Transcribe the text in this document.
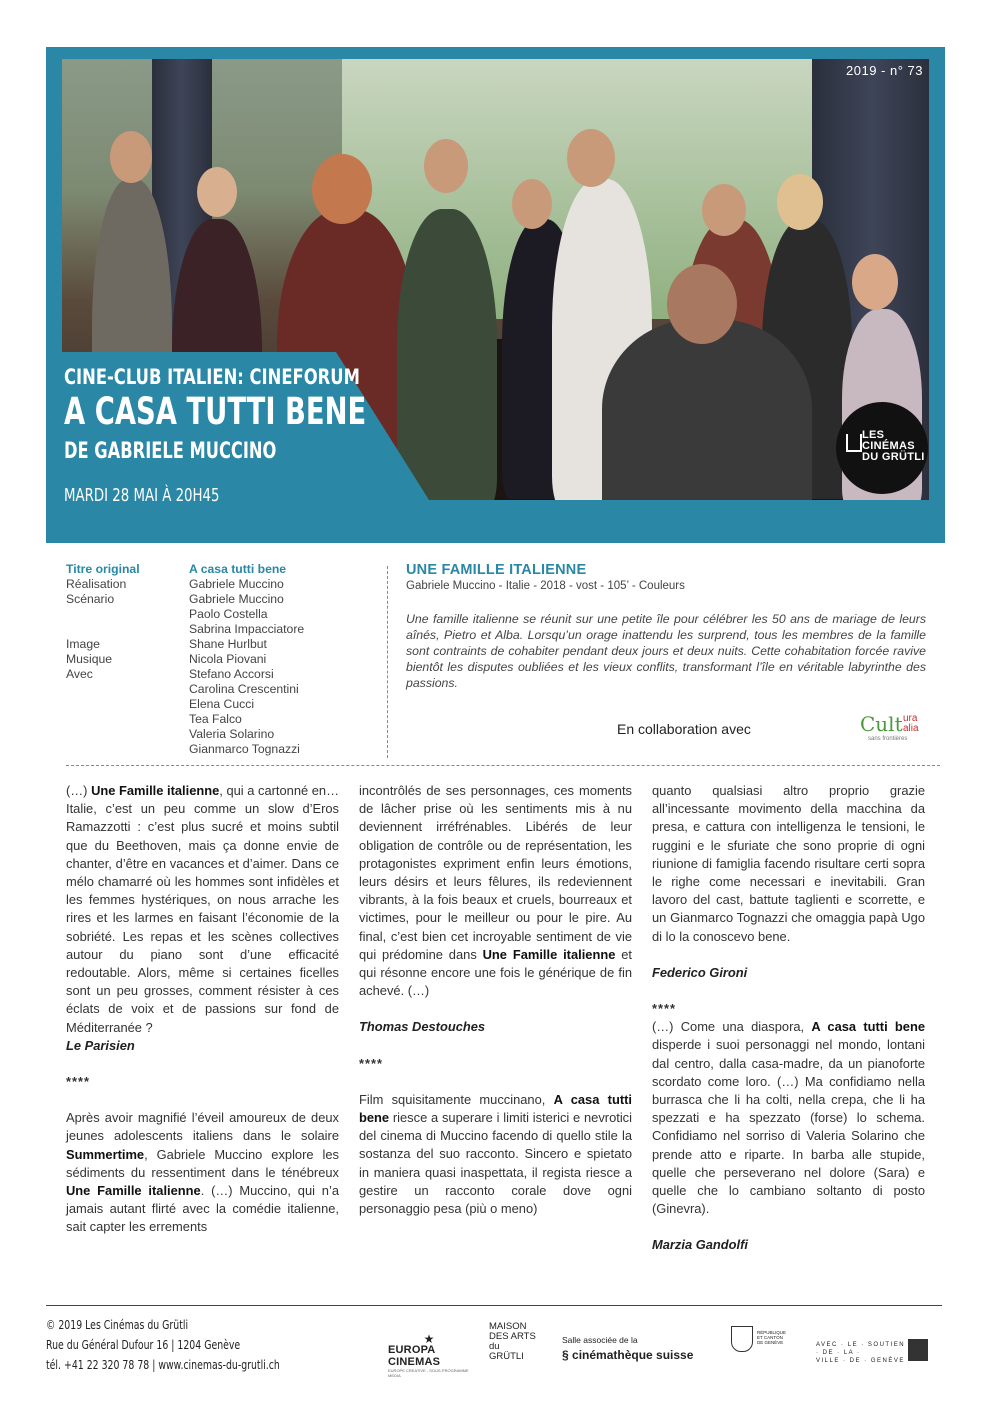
2019 - n° 73
CINE-CLUB ITALIEN: CINEFORUM
A CASA TUTTI BENE
DE GABRIELE MUCCINO
MARDI 28 MAI À 20H45
LES
CINÉMAS
DU GRÜTLI
Titre original	A casa tutti bene
Réalisation	Gabriele Muccino
Scénario	Gabriele Muccino
Paolo Costella
Sabrina Impacciatore
Image	Shane Hurlbut
Musique	Nicola Piovani
Avec	Stefano Accorsi
Carolina Crescentini
Elena Cucci
Tea Falco
Valeria Solarino
Gianmarco Tognazzi
UNE FAMILLE ITALIENNE
Gabriele Muccino - Italie - 2018 - vost - 105’ - Couleurs
Une famille italienne se réunit sur une petite île pour célébrer les 50 ans de mariage de leurs aînés, Pietro et Alba. Lorsqu’un orage inattendu les surprend, tous les membres de la famille sont contraints de cohabiter pendant deux jours et deux nuits. Cette cohabitation forcée ravive bientôt les disputes oubliées et les vieux conflits, transformant l’île en véritable labyrinthe des passions.
En collaboration avec	Cult ura
alia
sans frontières

(…) Une Famille italienne, qui a cartonné en… Italie, c’est un peu comme un slow d’Eros Ramazzotti : c’est plus sucré et moins subtil que du Beethoven, mais ça donne envie de chanter, d’être en vacances et d’aimer. Dans ce mélo chamarré où les hommes sont infidèles et les femmes hystériques, on nous arrache les rires et les larmes en faisant l’économie de la sobriété. Les repas et les scènes collectives autour du piano sont d’une efficacité redoutable. Alors, même si certaines ficelles sont un peu grosses, comment résister à ces éclats de voix et de passions sur fond de Méditerranée ?

Le Parisien

****

Après avoir magnifié l’éveil amoureux de deux jeunes adolescents italiens dans le solaire Summertime, Gabriele Muccino explore les sédiments du ressentiment dans le ténébreux Une Famille italienne. (…) Muccino, qui n’a jamais autant flirté avec la comédie italienne, sait capter les errements

incontrôlés de ses personnages, ces moments de lâcher prise où les sentiments mis à nu deviennent irréfrénables. Libérés de leur obligation de contrôle ou de représentation, les protagonistes expriment enfin leurs émotions, leurs désirs et leurs fêlures, ils redeviennent vibrants, à la fois beaux et cruels, bourreaux et victimes, pour le meilleur ou pour le pire. Au final, c’est bien cet incroyable sentiment de vie qui prédomine dans Une Famille italienne et qui résonne encore une fois le générique de fin achevé. (…)

Thomas Destouches

****

Film squisitamente muccinano, A casa tutti bene riesce a superare i limiti isterici e nevrotici del cinema di Muccino facendo di quello stile la sostanza del suo racconto. Sincero e spietato in maniera quasi inaspettata, il regista riesce a gestire un racconto corale dove ogni personaggio pesa (più o meno)

quanto qualsiasi altro proprio grazie all’incessante movimento della macchina da presa, e cattura con intelligenza le tensioni, le ruggini e le sfuriate che sono proprie di ogni riunione di famiglia facendo risultare certi sopra le righe come necessari e inevitabili. Gran lavoro del cast, battute taglienti e scorrette, e un Gianmarco Tognazzi che omaggia papà Ugo di lo la conoscevo bene.

Federico Gironi

****

(…) Come una diaspora, A casa tutti bene disperde i suoi personaggi nel mondo, lontani dal centro, dalla casa-madre, da un pianoforte scordato come loro. (…) Ma confidiamo nella burrasca che li ha colti, nella crepa, che li ha spezzati e ha spezzato (forse) lo schema. Confidiamo nel sorriso di Valeria Solarino che prende atto e riparte. In barba alle stupide, quelle che perseverano nel dolore (Sara) e quelle che lo cambiano soltanto di posto (Ginevra).

Marzia Gandolfi

© 2019 Les Cinémas du Grütli
Rue du Général Dufour 16 | 1204 Genève
tél. +41 22 320 78 78 | www.cinemas-du-grutli.ch
★
EUROPA CINEMAS
EUROPE CREATIVE - SOUS-PROGRAMME MEDIA
MAISON
DES ARTS
du
GRÜTLI
Salle associée de la
§ cinémathèque suisse
RÉPUBLIQUE
ET CANTON
DE GENÈVE	AVEC · LE · SOUTIEN
· DE · LA ·
VILLE · DE · GENÈVE
